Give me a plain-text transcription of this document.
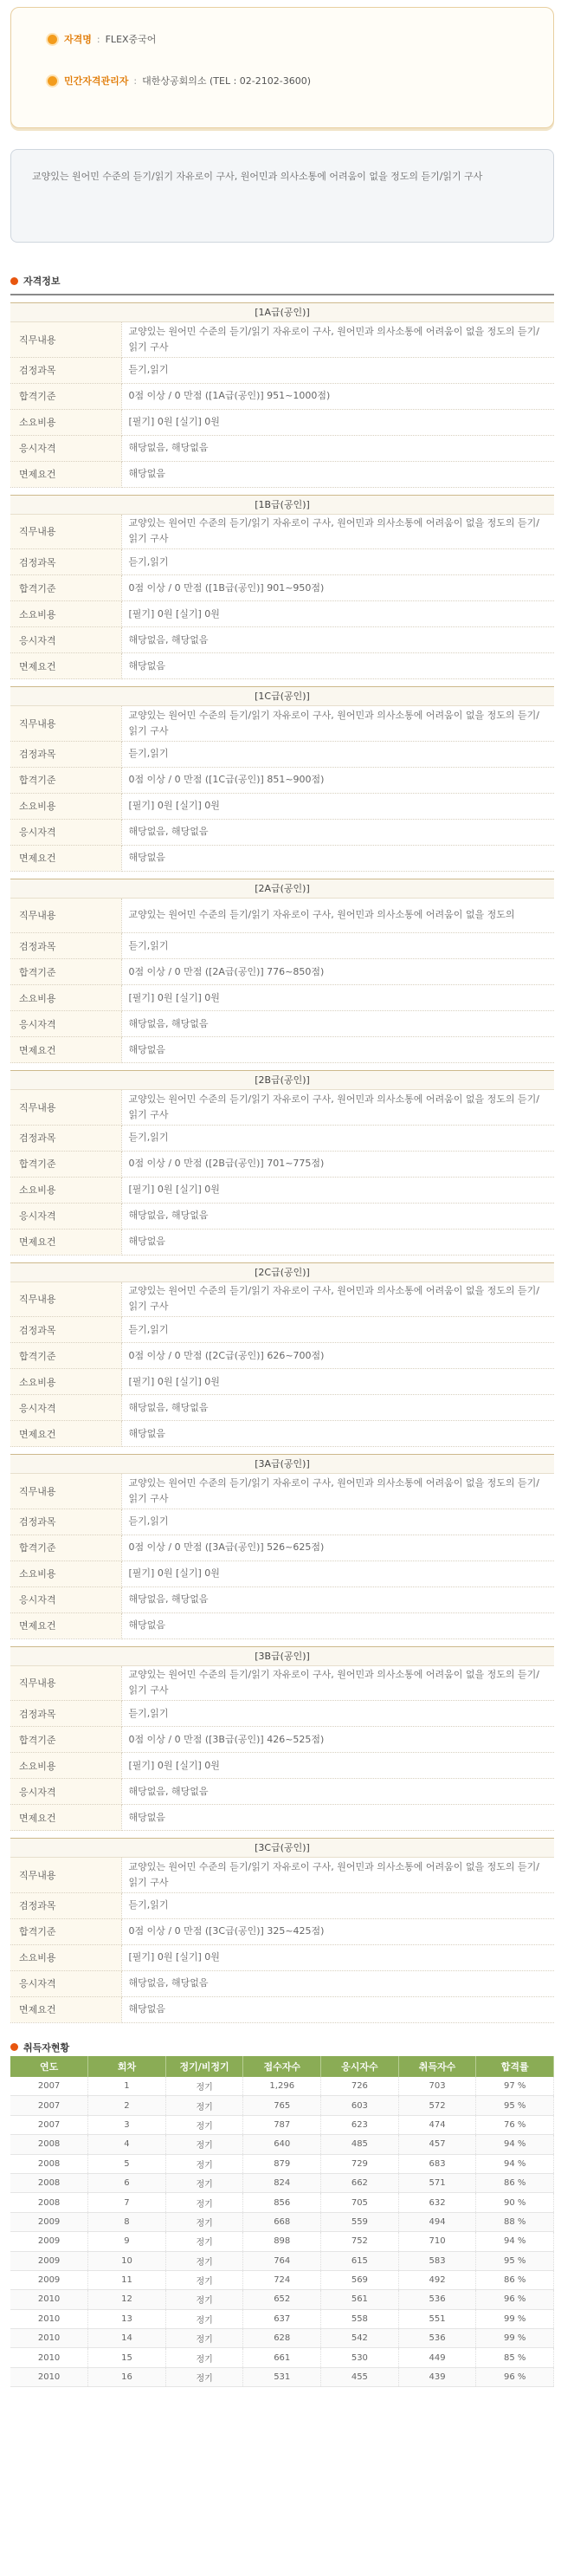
자격명 : FLEX중국어
민간자격관리자 : 대한상공회의소 (TEL : 02-2102-3600)
교양있는 원어민 수준의 듣기/읽기 자유로이 구사, 원어민과 의사소통에 어려움이 없을 정도의 듣기/읽기 구사
자격정보
[1A급(공인)]
직무내용	교양있는 원어민 수준의 듣기/읽기 자유로이 구사, 원어민과 의사소통에 어려움이 없을 정도의 듣기/읽기 구사
검정과목	듣기,읽기
합격기준	0점 이상 / 0 만점 ([1A급(공인)] 951~1000점)
소요비용	[필기] 0원 [실기] 0원
응시자격	해당없음, 해당없음
면제요건	해당없음
[1B급(공인)]
직무내용	교양있는 원어민 수준의 듣기/읽기 자유로이 구사, 원어민과 의사소통에 어려움이 없을 정도의 듣기/읽기 구사
검정과목	듣기,읽기
합격기준	0점 이상 / 0 만점 ([1B급(공인)] 901~950점)
소요비용	[필기] 0원 [실기] 0원
응시자격	해당없음, 해당없음
면제요건	해당없음
[1C급(공인)]
직무내용	교양있는 원어민 수준의 듣기/읽기 자유로이 구사, 원어민과 의사소통에 어려움이 없을 정도의 듣기/읽기 구사
검정과목	듣기,읽기
합격기준	0점 이상 / 0 만점 ([1C급(공인)] 851~900점)
소요비용	[필기] 0원 [실기] 0원
응시자격	해당없음, 해당없음
면제요건	해당없음
[2A급(공인)]
직무내용	교양있는 원어민 수준의 듣기/읽기 자유로이 구사, 원어민과 의사소통에 어려움이 없을 정도의
검정과목	듣기,읽기
합격기준	0점 이상 / 0 만점 ([2A급(공인)] 776~850점)
소요비용	[필기] 0원 [실기] 0원
응시자격	해당없음, 해당없음
면제요건	해당없음
[2B급(공인)]
직무내용	교양있는 원어민 수준의 듣기/읽기 자유로이 구사, 원어민과 의사소통에 어려움이 없을 정도의 듣기/읽기 구사
검정과목	듣기,읽기
합격기준	0점 이상 / 0 만점 ([2B급(공인)] 701~775점)
소요비용	[필기] 0원 [실기] 0원
응시자격	해당없음, 해당없음
면제요건	해당없음
[2C급(공인)]
직무내용	교양있는 원어민 수준의 듣기/읽기 자유로이 구사, 원어민과 의사소통에 어려움이 없을 정도의 듣기/읽기 구사
검정과목	듣기,읽기
합격기준	0점 이상 / 0 만점 ([2C급(공인)] 626~700점)
소요비용	[필기] 0원 [실기] 0원
응시자격	해당없음, 해당없음
면제요건	해당없음
[3A급(공인)]
직무내용	교양있는 원어민 수준의 듣기/읽기 자유로이 구사, 원어민과 의사소통에 어려움이 없을 정도의 듣기/읽기 구사
검정과목	듣기,읽기
합격기준	0점 이상 / 0 만점 ([3A급(공인)] 526~625점)
소요비용	[필기] 0원 [실기] 0원
응시자격	해당없음, 해당없음
면제요건	해당없음
[3B급(공인)]
직무내용	교양있는 원어민 수준의 듣기/읽기 자유로이 구사, 원어민과 의사소통에 어려움이 없을 정도의 듣기/읽기 구사
검정과목	듣기,읽기
합격기준	0점 이상 / 0 만점 ([3B급(공인)] 426~525점)
소요비용	[필기] 0원 [실기] 0원
응시자격	해당없음, 해당없음
면제요건	해당없음
[3C급(공인)]
직무내용	교양있는 원어민 수준의 듣기/읽기 자유로이 구사, 원어민과 의사소통에 어려움이 없을 정도의 듣기/읽기 구사
검정과목	듣기,읽기
합격기준	0점 이상 / 0 만점 ([3C급(공인)] 325~425점)
소요비용	[필기] 0원 [실기] 0원
응시자격	해당없음, 해당없음
면제요건	해당없음
취득자현황
연도	회차	정기/비정기	접수자수	응시자수	취득자수	합격률
2007	1	정기	1,296	726	703	97 %
2007	2	정기	765	603	572	95 %
2007	3	정기	787	623	474	76 %
2008	4	정기	640	485	457	94 %
2008	5	정기	879	729	683	94 %
2008	6	정기	824	662	571	86 %
2008	7	정기	856	705	632	90 %
2009	8	정기	668	559	494	88 %
2009	9	정기	898	752	710	94 %
2009	10	정기	764	615	583	95 %
2009	11	정기	724	569	492	86 %
2010	12	정기	652	561	536	96 %
2010	13	정기	637	558	551	99 %
2010	14	정기	628	542	536	99 %
2010	15	정기	661	530	449	85 %
2010	16	정기	531	455	439	96 %
